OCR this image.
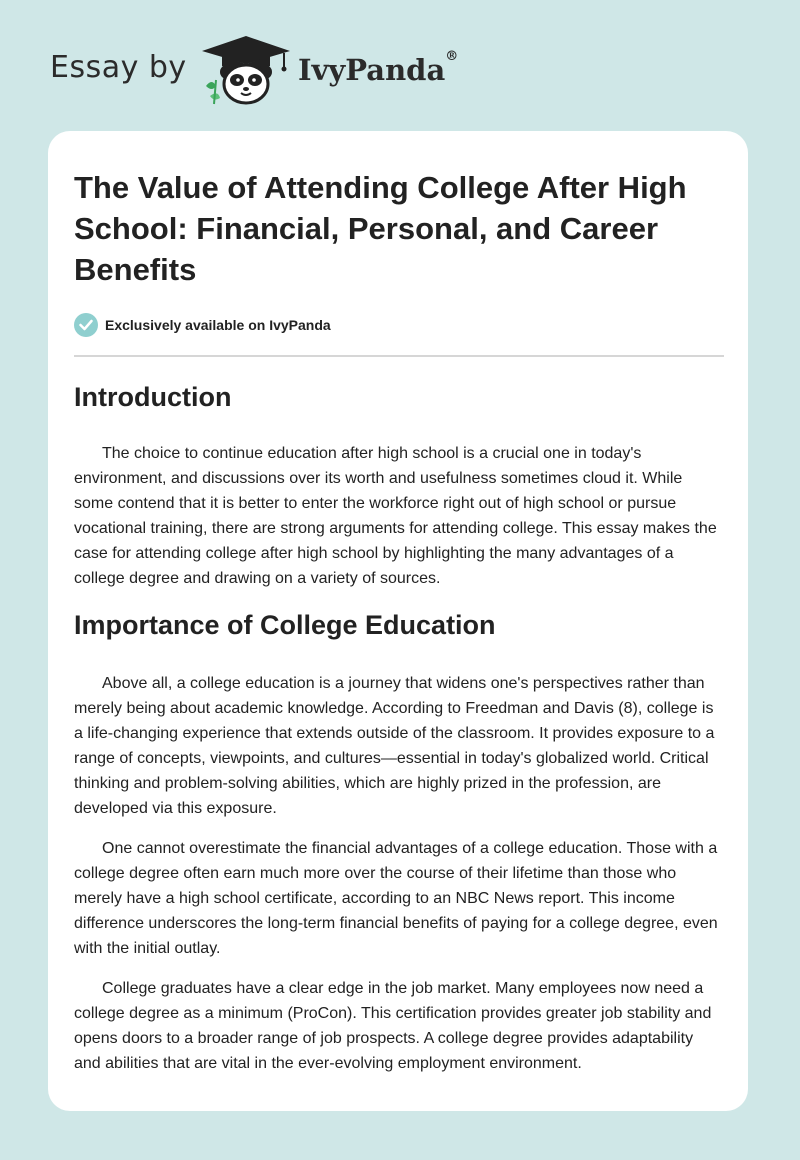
Essay by	IvyPanda®
The Value of Attending College After High School: Financial, Personal, and Career Benefits
Exclusively available on IvyPanda
Introduction

The choice to continue education after high school is a crucial one in today's environment, and discussions over its worth and usefulness sometimes cloud it. While some contend that it is better to enter the workforce right out of high school or pursue vocational training, there are strong arguments for attending college. This essay makes the case for attending college after high school by highlighting the many advantages of a college degree and drawing on a variety of sources.

Importance of College Education

Above all, a college education is a journey that widens one's perspectives rather than merely being about academic knowledge. According to Freedman and Davis (8), college is a life-changing experience that extends outside of the classroom. It provides exposure to a range of concepts, viewpoints, and cultures—essential in today's globalized world. Critical thinking and problem-solving abilities, which are highly prized in the profession, are developed via this exposure.

One cannot overestimate the financial advantages of a college education. Those with a college degree often earn much more over the course of their lifetime than those who merely have a high school certificate, according to an NBC News report. This income difference underscores the long-term financial benefits of paying for a college degree, even with the initial outlay.

College graduates have a clear edge in the job market. Many employees now need a college degree as a minimum (ProCon). This certification provides greater job stability and opens doors to a broader range of job prospects. A college degree provides adaptability and abilities that are vital in the ever-evolving employment environment.
